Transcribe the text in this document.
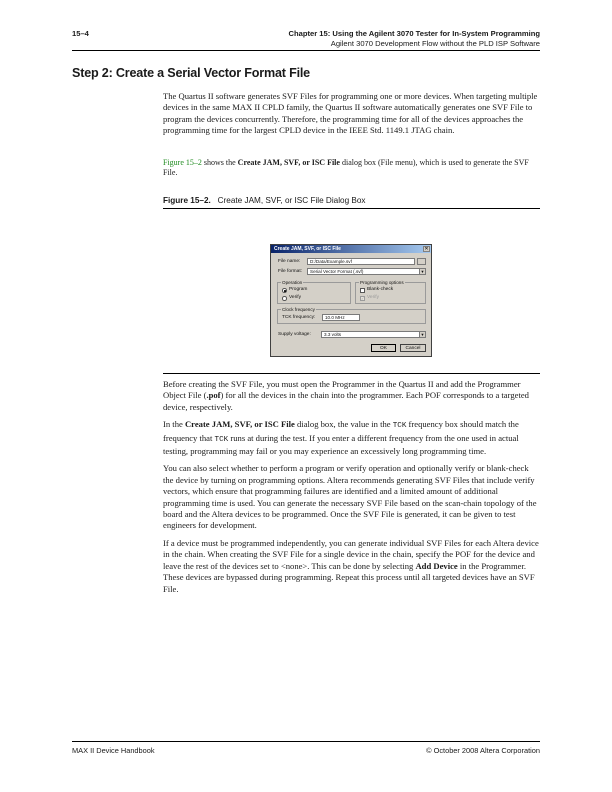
15–4	Chapter 15: Using the Agilent 3070 Tester for In-System Programming
Agilent 3070 Development Flow without the PLD ISP Software
Step 2: Create a Serial Vector Format File

The Quartus II software generates SVF Files for programming one or more devices. When targeting multiple devices in the same MAX II CPLD family, the Quartus II software automatically generates one SVF File to program the devices concurrently. Therefore, the programming time for all of the devices approaches the programming time for the largest CPLD device in the IEEE Std. 1149.1 JTAG chain.

Figure 15–2 shows the Create JAM, SVF, or ISC File dialog box (File menu), which is used to generate the SVF File.

Figure 15–2. Create JAM, SVF, or ISC File Dialog Box
Create JAM, SVF, or ISC File	✕
File name:	D:/Data/Example.svf
File format:	Serial Vector Format (.svf)	▼
Operation
Program
Verify
Programming options
Blank-check
✓ Verify
Clock frequency
TCK frequency:	10.0 MHz
Supply voltage:	3.3 volts	▼
OK	Cancel

Before creating the SVF File, you must open the Programmer in the Quartus II and add the Programmer Object File (.pof) for all the devices in the chain into the programmer. Each POF corresponds to a targeted device, respectively.

In the Create JAM, SVF, or ISC File dialog box, the value in the TCK frequency box should match the frequency that TCK runs at during the test. If you enter a different frequency from the one used in actual testing, programming may fail or you may experience an excessively long programming time.

You can also select whether to perform a program or verify operation and optionally verify or blank-check the device by turning on programming options. Altera recommends generating SVF Files that include verify vectors, which ensure that programming failures are identified and a limited amount of additional programming time is used. You can generate the necessary SVF File based on the scan-chain topology of the board and the Altera devices to be programmed. Once the SVF File is generated, it can be given to test engineers for development.

If a device must be programmed independently, you can generate individual SVF Files for each Altera device in the chain. When creating the SVF File for a single device in the chain, specify the POF for the device and leave the rest of the devices set to <none>. This can be done by selecting Add Device in the Programmer. These devices are bypassed during programming. Repeat this process until all targeted devices have an SVF File.

MAX II Device Handbook	© October 2008 Altera Corporation
